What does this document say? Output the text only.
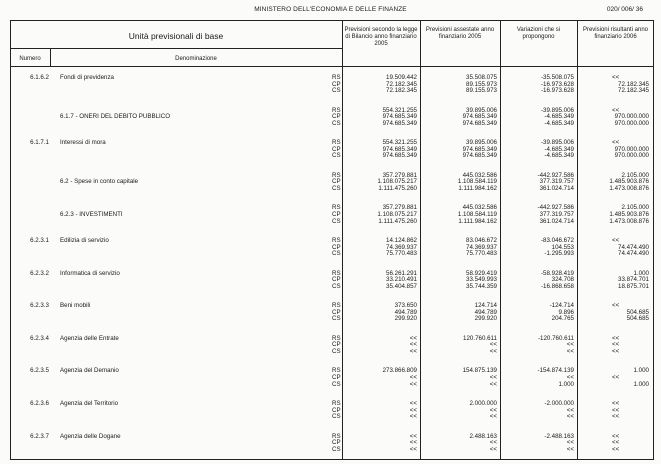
MINISTERO DELL'ECONOMIA E DELLE FINANZE	020/ 006/ 36
Unità previsionali di base
Numero	Denominazione
Previsioni secondo la legge di Bilancio anno finanziario 2005
Previsioni assestate anno finanziario 2005
Variazioni che si propongono
Previsioni risultanti anno finanziario 2006
6.1.6.2 Fondi di previdenza	RS	19.509.442	35.508.075	-35.508.075	<<
CP	72.182.345	89.155.973	-16.973.628	72.182.345
CS	72.182.345	89.155.973	-16.973.628	72.182.345
6.1.7 - ONERI DEL DEBITO PUBBLICO
RS	554.321.255	39.895.006	-39.895.006	<<
CP	974.685.349	974.685.349	-4.685.349	970.000.000
CS	974.685.349	974.685.349	-4.685.349	970.000.000
6.1.7.1 Interessi di mora	RS	554.321.255	39.895.006	-39.895.006	<<
CP	974.685.349	974.685.349	-4.685.349	970.000.000
CS	974.685.349	974.685.349	-4.685.349	970.000.000
6.2 - Spese in conto capitale
RS	357.279.881	445.032.586	-442.927.586	2.105.000
CP	1.108.075.217	1.108.584.119	377.319.757	1.485.903.876
CS	1.111.475.260	1.111.984.162	361.024.714	1.473.008.876
6.2.3 - INVESTIMENTI
RS	357.279.881	445.032.586	-442.927.586	2.105.000
CP	1.108.075.217	1.108.584.119	377.319.757	1.485.903.876
CS	1.111.475.260	1.111.984.162	361.024.714	1.473.008.876
6.2.3.1 Edilizia di servizio	RS	14.124.862	83.046.672	-83.046.672	<<
CP	74.369.937	74.369.937	104.553	74.474.490
CS	75.770.483	75.770.483	-1.295.993	74.474.490
6.2.3.2 Informatica di servizio	RS	56.261.291	58.929.419	-58.928.419	1.000
CP	33.210.491	33.549.993	324.708	33.874.701
CS	35.404.857	35.744.359	-16.868.658	18.875.701
6.2.3.3 Beni mobili	RS	373.650	124.714	-124.714	<<
CP	494.789	494.789	9.896	504.685
CS	299.920	299.920	204.765	504.685
6.2.3.4 Agenzia delle Entrate	RS	<<	120.760.611	-120.760.611	<<
CP	<<	<<	<<	<<
CS	<<	<<	<<	<<
6.2.3.5 Agenzia del Demanio	RS	273.866.809	154.875.139	-154.874.139	1.000
CP	<<	<<	<<	<<
CS	<<	<<	1.000	1.000
6.2.3.6 Agenzia del Territorio	RS	<<	2.000.000	-2.000.000	<<
CP	<<	<<	<<	<<
CS	<<	<<	<<	<<
6.2.3.7 Agenzia delle Dogane	RS	<<	2.488.163	-2.488.163	<<
CP	<<	<<	<<	<<
CS	<<	<<	<<	<<
